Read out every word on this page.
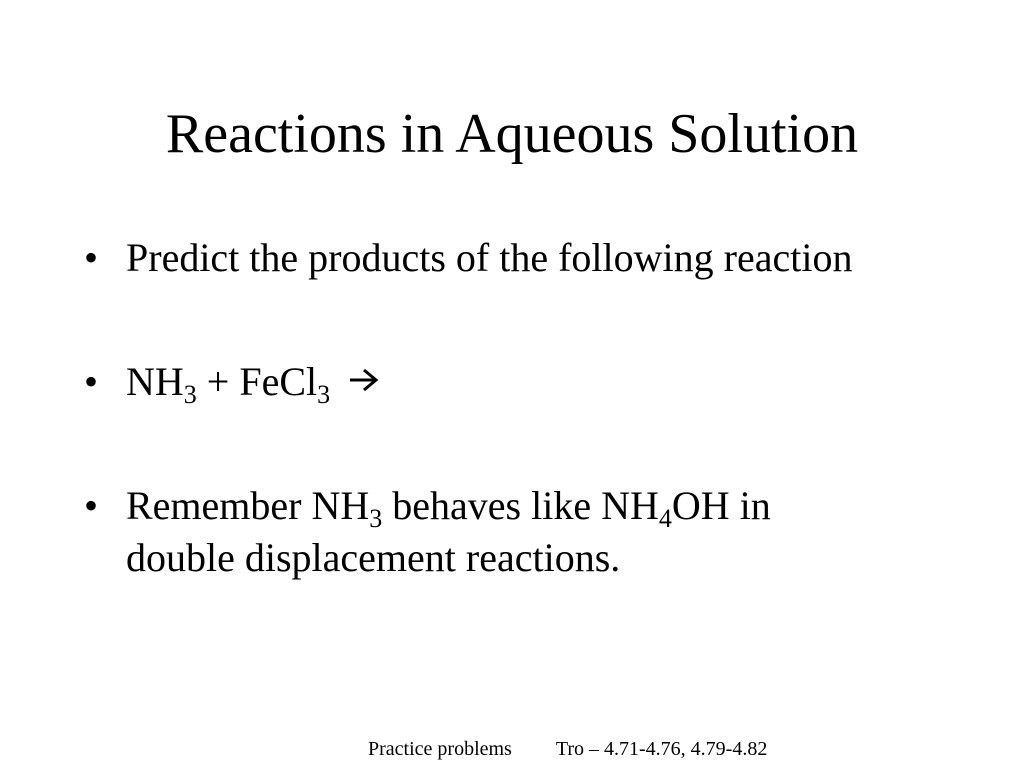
Reactions in Aqueous Solution
• Predict the products of the following reaction
• $NH_3$ + FeCl$_3$
• Remember $NH_3$ behaves like $NH_4OH$ in double displacement reactions.
Practice problems Tro – 4.71-4.76, 4.79-4.82
